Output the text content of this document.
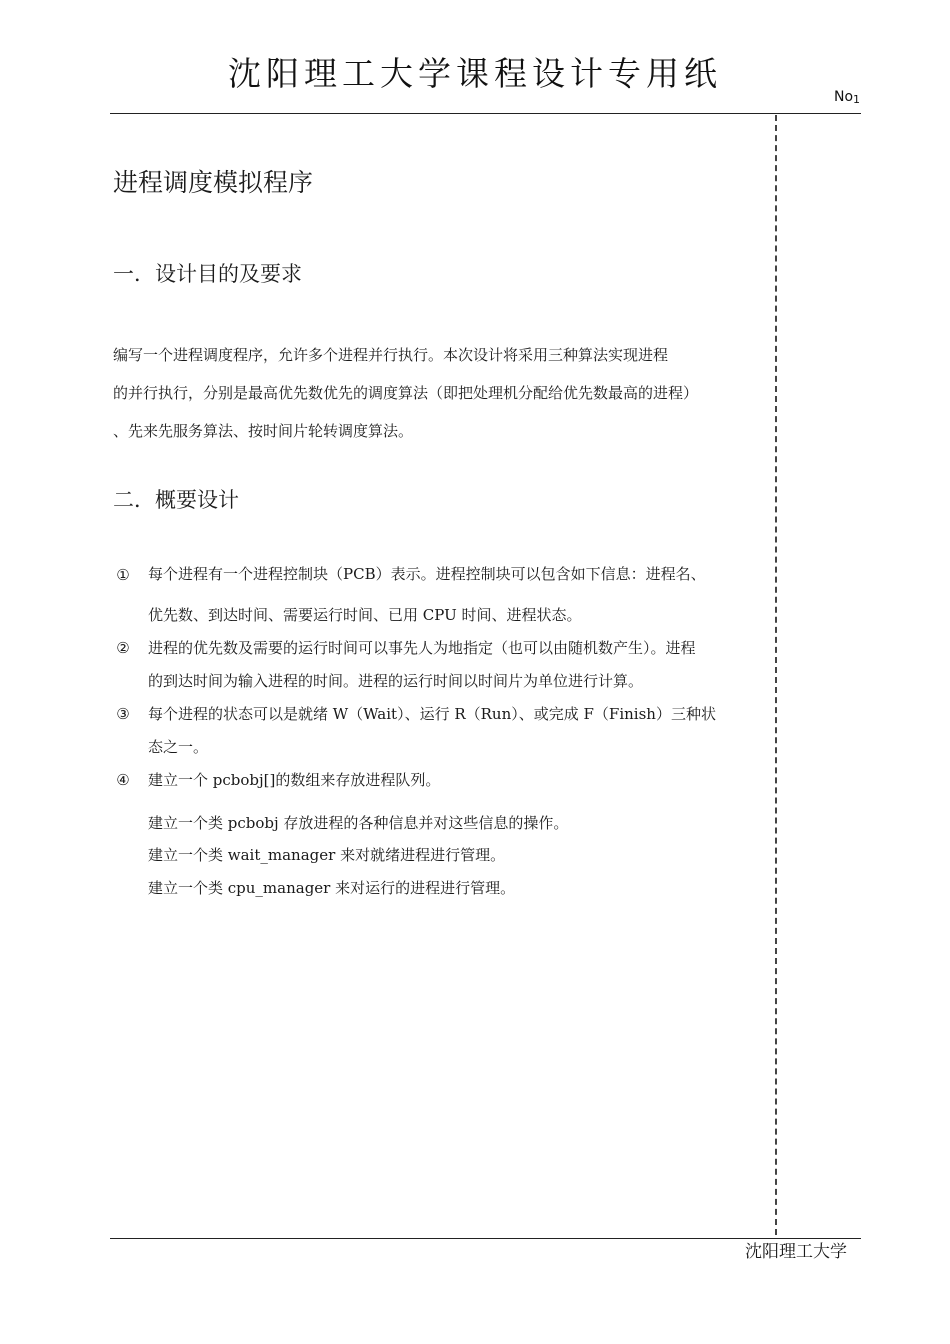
沈阳理工大学课程设计专用纸
No1
进程调度模拟程序
一．设计目的及要求
编写一个进程调度程序，允许多个进程并行执行。本次设计将采用三种算法实现进程
的并行执行，分别是最高优先数优先的调度算法（即把处理机分配给优先数最高的进程）
、先来先服务算法、按时间片轮转调度算法。
二．概要设计
① 每个进程有一个进程控制块（PCB）表示。进程控制块可以包含如下信息：进程名、
优先数、到达时间、需要运行时间、已用 CPU 时间、进程状态。
② 进程的优先数及需要的运行时间可以事先人为地指定（也可以由随机数产生）。进程
的到达时间为输入进程的时间。进程的运行时间以时间片为单位进行计算。
③ 每个进程的状态可以是就绪 W（Wait）、运行 R（Run）、或完成 F（Finish）三种状
态之一。
④ 建立一个 pcbobj[]的数组来存放进程队列。
建立一个类 pcbobj 存放进程的各种信息并对这些信息的操作。
建立一个类 wait_manager 来对就绪进程进行管理。
建立一个类 cpu_manager 来对运行的进程进行管理。
沈阳理工大学
